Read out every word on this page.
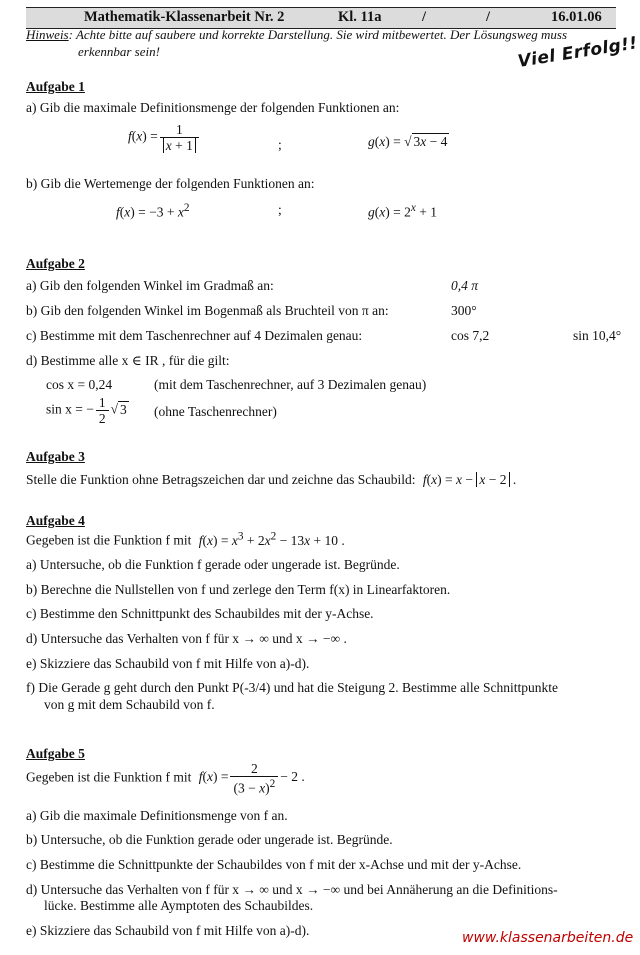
Mathematik-Klassenarbeit Nr. 2	Kl. 11a	/	/	16.01.06
Hinweis: Achte bitte auf saubere und korrekte Darstellung. Sie wird mitbewertet. Der Lösungsweg muss
erkennbar sein!	Viel Erfolg!!
Aufgabe 1
a) Gib die maximale Definitionsmenge der folgenden Funktionen an:
$f(x) = \frac{1}{x + 1}$	;	g(x) = √ 3x − 4
b) Gib die Wertemenge der folgenden Funktionen an:
$f(x) = -3 + x^2$	;	$g(x) = 2^x + 1$
Aufgabe 2
a) Gib den folgenden Winkel im Gradmaß an:	0,4 π
b) Gib den folgenden Winkel im Bogenmaß als Bruchteil von π an:	300°
c) Bestimme mit dem Taschenrechner auf 4 Dezimalen genau:	cos 7,2	sin 10,4°
d) Bestimme alle x ∈ IR , für die gilt:
cos x = 0,24	(mit dem Taschenrechner, auf 3 Dezimalen genau)
sin x = − $\frac{1}{2}$ √ 3 (ohne Taschenrechner)
Aufgabe 3
Stelle die Funktion ohne Betragszeichen dar und zeichne das Schaubild: f(x) = x − x − 2 .
Aufgabe 4
Gegeben ist die Funktion f mit $f(x) = x^3 + 2x^2 - 13x + 10$ .
a) Untersuche, ob die Funktion f gerade oder ungerade ist. Begründe.
b) Berechne die Nullstellen von f und zerlege den Term f(x) in Linearfaktoren.
c) Bestimme den Schnittpunkt des Schaubildes mit der y-Achse.
d) Untersuche das Verhalten von f für x → ∞ und x → −∞ .
e) Skizziere das Schaubild von f mit Hilfe von a)-d).
f) Die Gerade g geht durch den Punkt P(-3/4) und hat die Steigung 2. Bestimme alle Schnittpunkte
von g mit dem Schaubild von f.
Aufgabe 5
Gegeben ist die Funktion f mit $f(x) = \frac{2}{(3 - x)^2} - 2$ .
a) Gib die maximale Definitionsmenge von f an.
b) Untersuche, ob die Funktion gerade oder ungerade ist. Begründe.
c) Bestimme die Schnittpunkte der Schaubildes von f mit der x-Achse und mit der y-Achse.
d) Untersuche das Verhalten von f für x → ∞ und x → −∞ und bei Annäherung an die Definitions-
lücke. Bestimme alle Aymptoten des Schaubildes.
e) Skizziere das Schaubild von f mit Hilfe von a)-d).	www.klassenarbeiten.de
